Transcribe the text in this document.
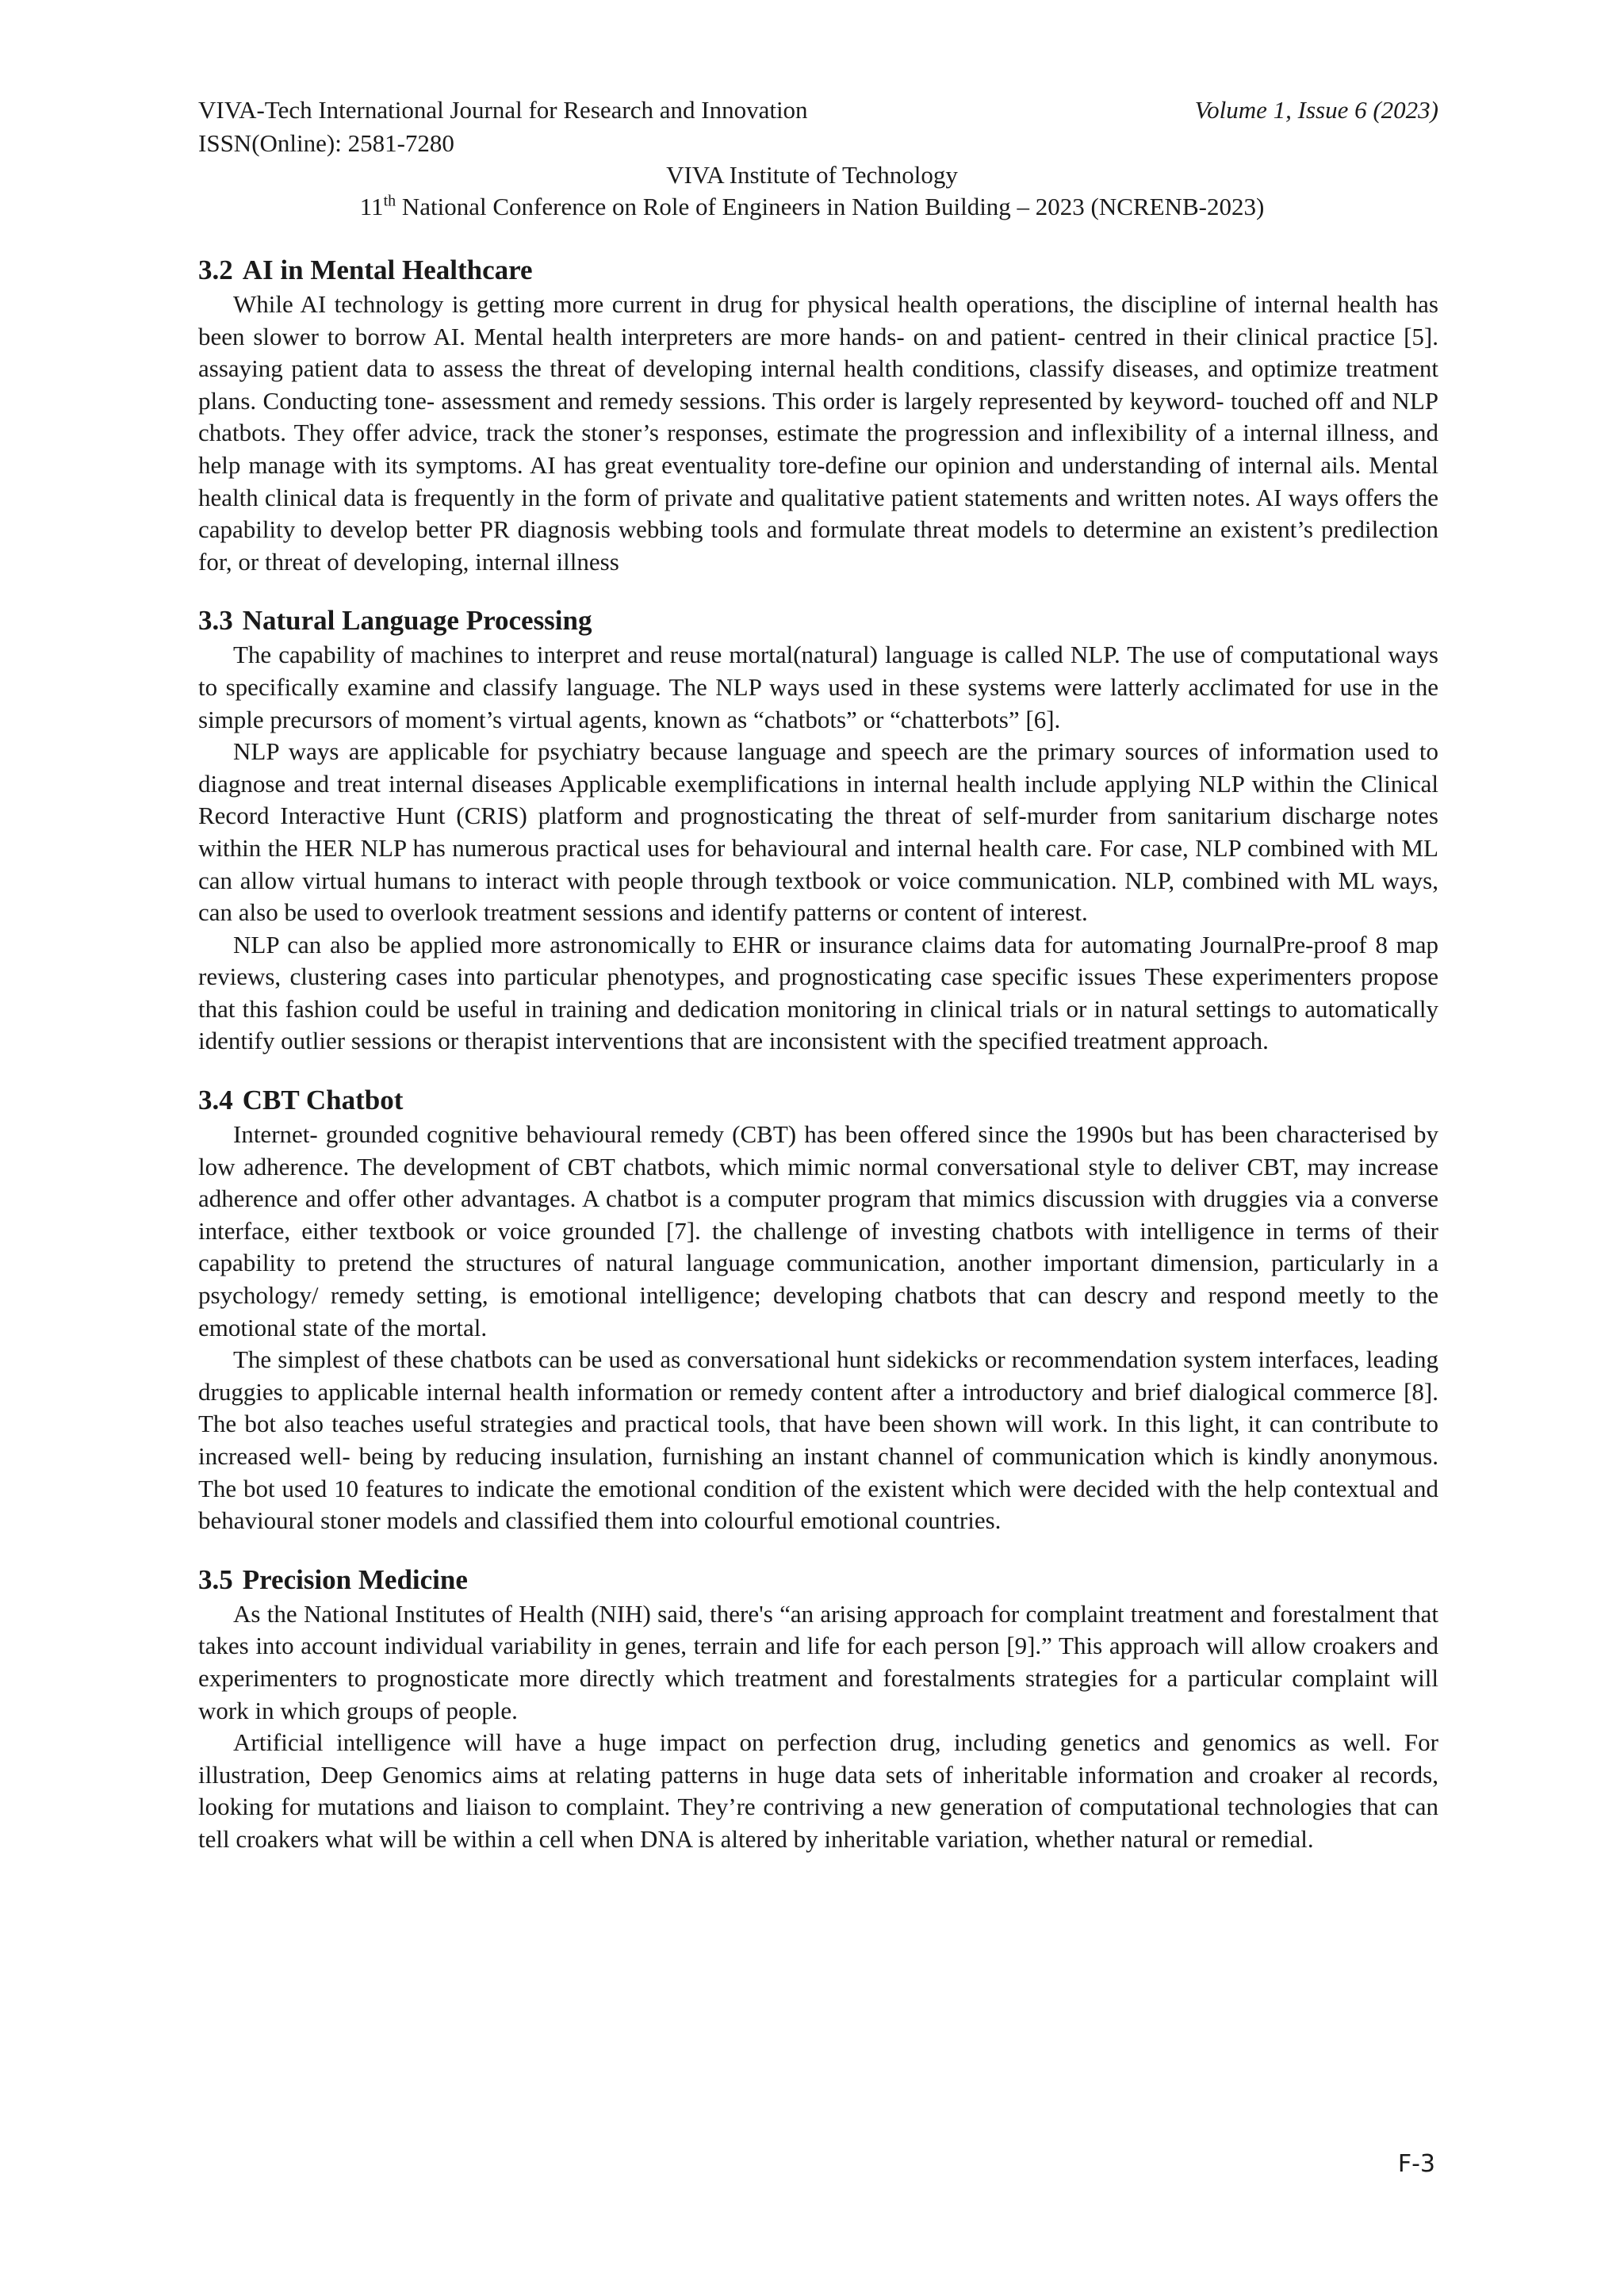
VIVA-Tech International Journal for Research and Innovation	Volume 1, Issue 6 (2023)
ISSN(Online): 2581-7280
VIVA Institute of Technology
11th National Conference on Role of Engineers in Nation Building – 2023 (NCRENB-2023)
3.2 AI in Mental Healthcare

While AI technology is getting more current in drug for physical health operations, the discipline of internal health has been slower to borrow AI. Mental health interpreters are more hands- on and patient- centred in their clinical practice [5]. assaying patient data to assess the threat of developing internal health conditions, classify diseases, and optimize treatment plans. Conducting tone- assessment and remedy sessions. This order is largely represented by keyword- touched off and NLP chatbots. They offer advice, track the stoner’s responses, estimate the progression and inflexibility of a internal illness, and help manage with its symptoms. AI has great eventuality tore-define our opinion and understanding of internal ails. Mental health clinical data is frequently in the form of private and qualitative patient statements and written notes. AI ways offers the capability to develop better PR diagnosis webbing tools and formulate threat models to determine an existent’s predilection for, or threat of developing, internal illness

3.3 Natural Language Processing

The capability of machines to interpret and reuse mortal(natural) language is called NLP. The use of computational ways to specifically examine and classify language. The NLP ways used in these systems were latterly acclimated for use in the simple precursors of moment’s virtual agents, known as “chatbots” or “chatterbots” [6].

NLP ways are applicable for psychiatry because language and speech are the primary sources of information used to diagnose and treat internal diseases Applicable exemplifications in internal health include applying NLP within the Clinical Record Interactive Hunt (CRIS) platform and prognosticating the threat of self-murder from sanitarium discharge notes within the HER NLP has numerous practical uses for behavioural and internal health care. For case, NLP combined with ML can allow virtual humans to interact with people through textbook or voice communication. NLP, combined with ML ways, can also be used to overlook treatment sessions and identify patterns or content of interest.

NLP can also be applied more astronomically to EHR or insurance claims data for automating JournalPre-proof 8 map reviews, clustering cases into particular phenotypes, and prognosticating case specific issues These experimenters propose that this fashion could be useful in training and dedication monitoring in clinical trials or in natural settings to automatically identify outlier sessions or therapist interventions that are inconsistent with the specified treatment approach.

3.4 CBT Chatbot

Internet- grounded cognitive behavioural remedy (CBT) has been offered since the 1990s but has been characterised by low adherence. The development of CBT chatbots, which mimic normal conversational style to deliver CBT, may increase adherence and offer other advantages. A chatbot is a computer program that mimics discussion with druggies via a converse interface, either textbook or voice grounded [7]. the challenge of investing chatbots with intelligence in terms of their capability to pretend the structures of natural language communication, another important dimension, particularly in a psychology/ remedy setting, is emotional intelligence; developing chatbots that can descry and respond meetly to the emotional state of the mortal.

The simplest of these chatbots can be used as conversational hunt sidekicks or recommendation system interfaces, leading druggies to applicable internal health information or remedy content after a introductory and brief dialogical commerce [8]. The bot also teaches useful strategies and practical tools, that have been shown will work. In this light, it can contribute to increased well- being by reducing insulation, furnishing an instant channel of communication which is kindly anonymous. The bot used 10 features to indicate the emotional condition of the existent which were decided with the help contextual and behavioural stoner models and classified them into colourful emotional countries.

3.5 Precision Medicine

As the National Institutes of Health (NIH) said, there's “an arising approach for complaint treatment and forestalment that takes into account individual variability in genes, terrain and life for each person [9].” This approach will allow croakers and experimenters to prognosticate more directly which treatment and forestalments strategies for a particular complaint will work in which groups of people.

Artificial intelligence will have a huge impact on perfection drug, including genetics and genomics as well. For illustration, Deep Genomics aims at relating patterns in huge data sets of inheritable information and croaker al records, looking for mutations and liaison to complaint. They’re contriving a new generation of computational technologies that can tell croakers what will be within a cell when DNA is altered by inheritable variation, whether natural or remedial.

F-3
